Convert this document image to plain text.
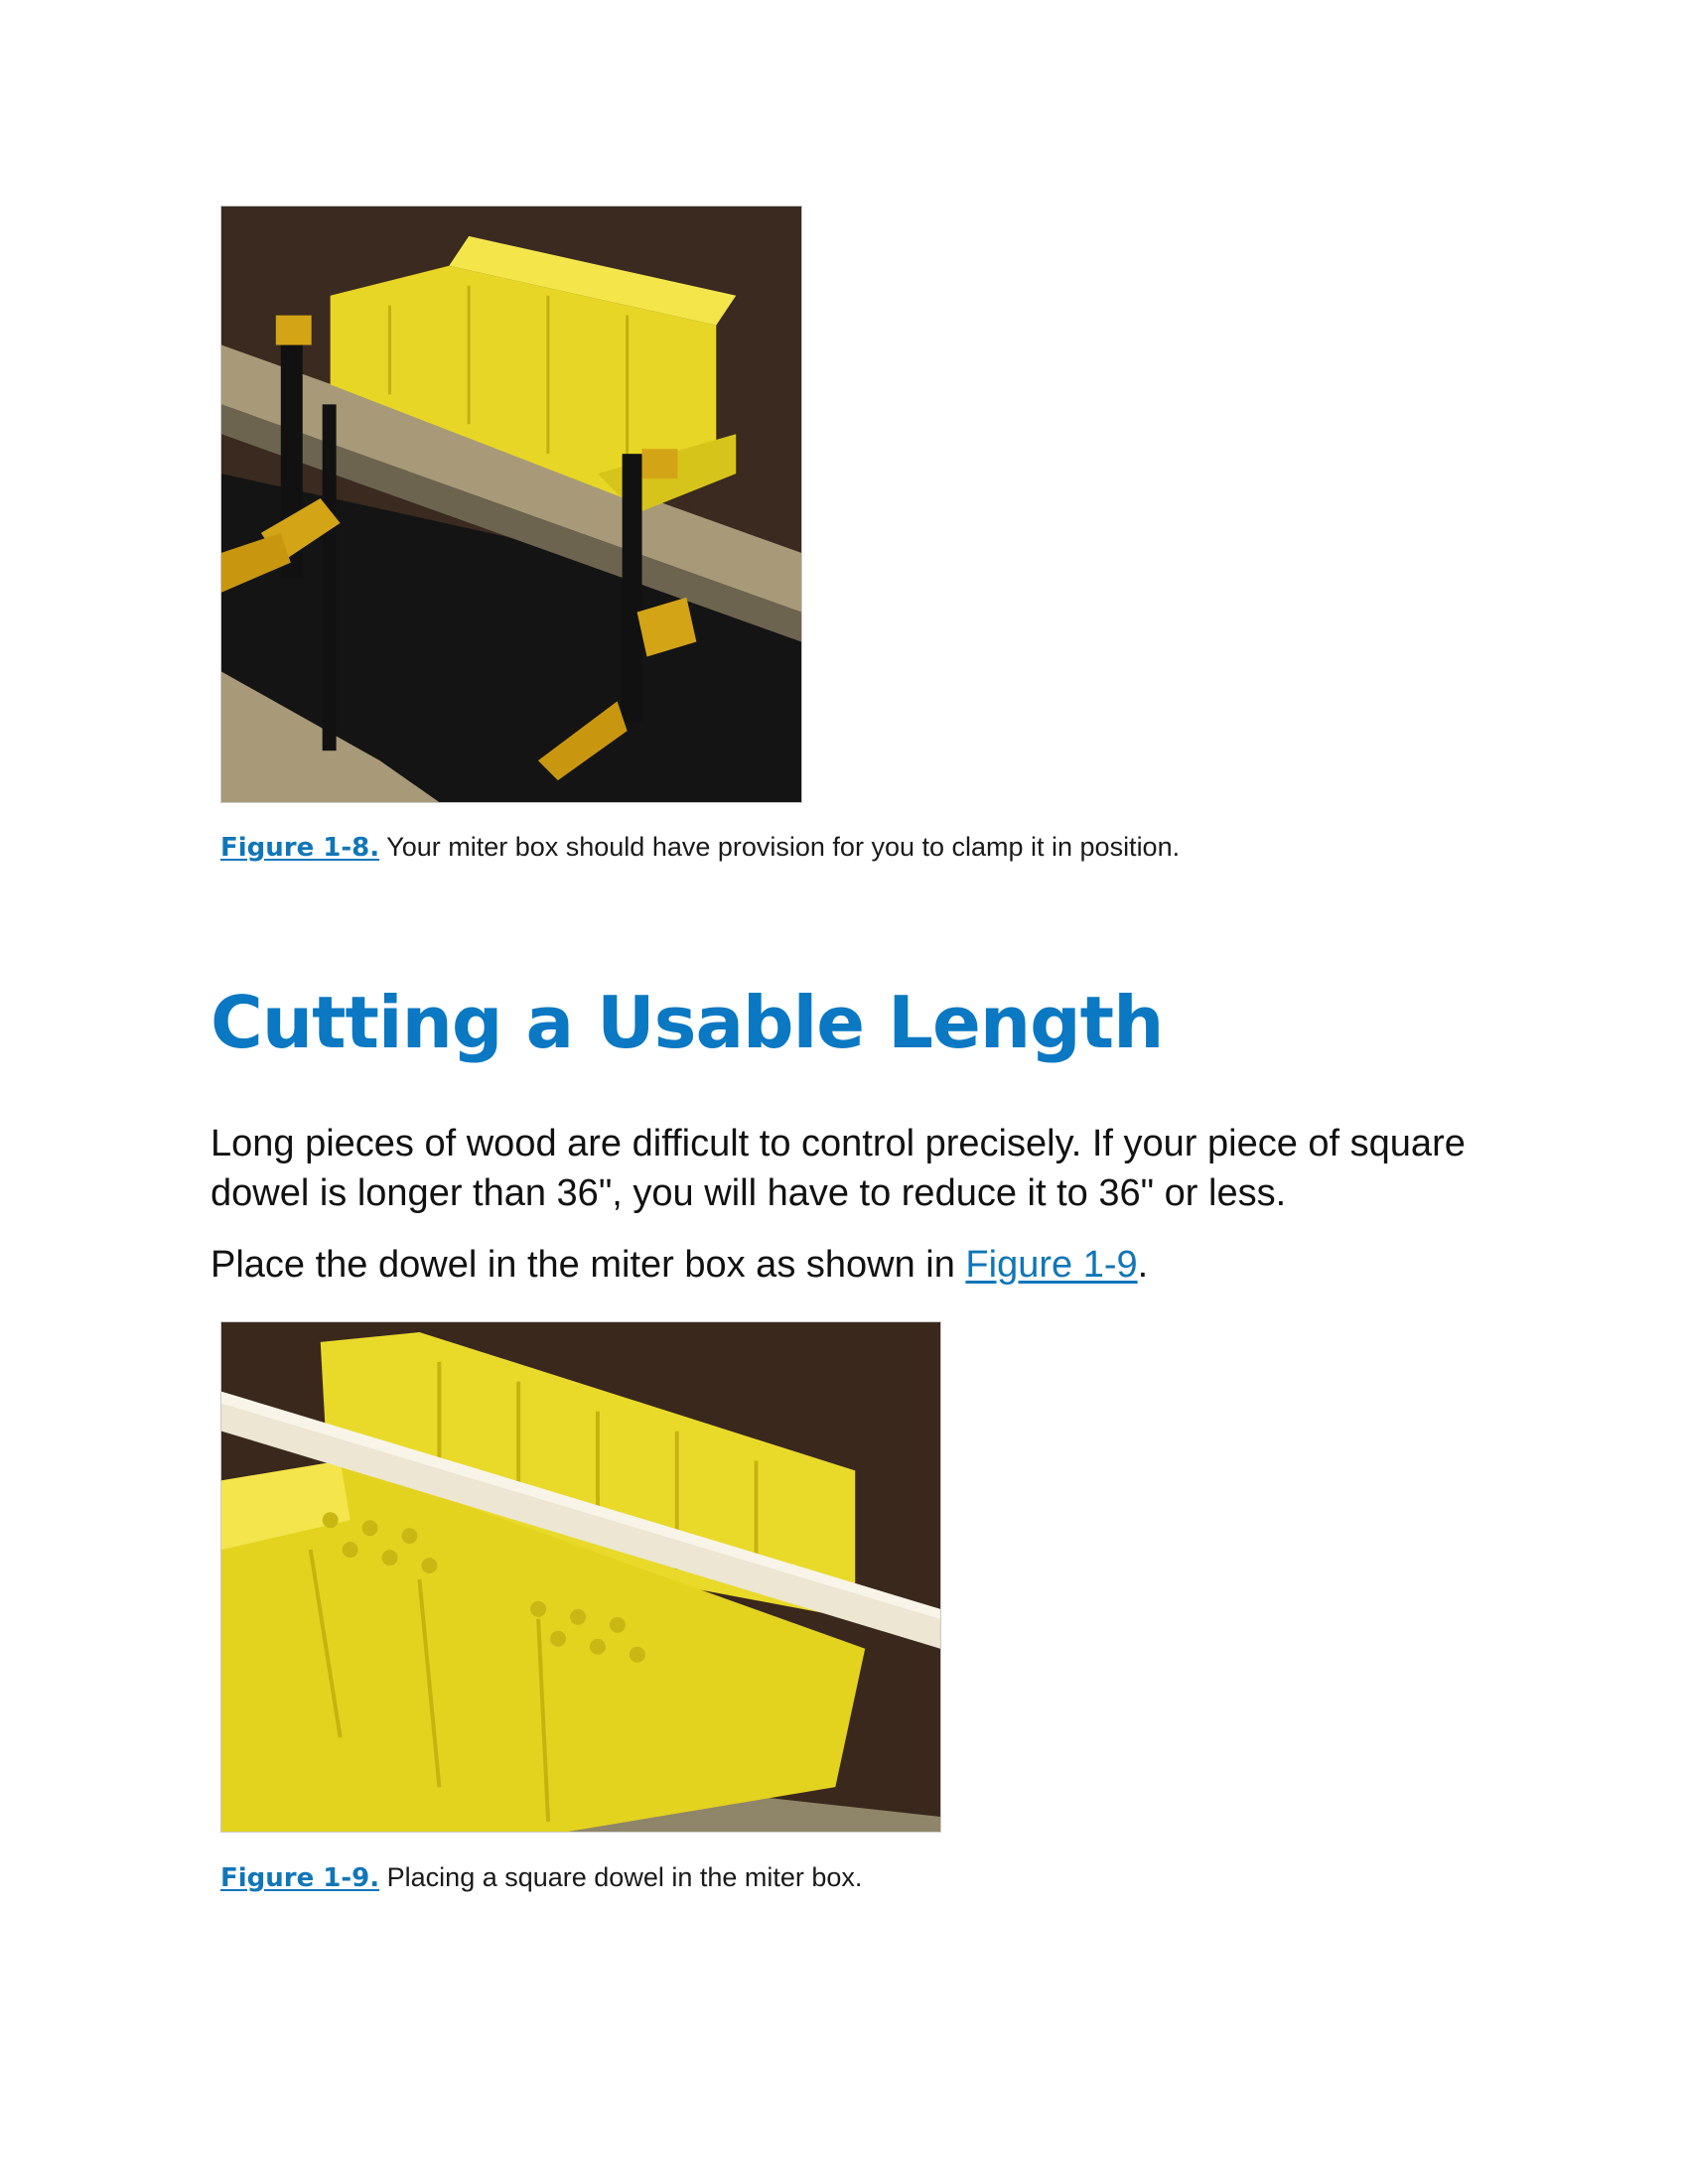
Figure 1-8. Your miter box should have provision for you to clamp it in position.
Cutting a Usable Length

Long pieces of wood are difficult to control precisely. If your piece of square dowel is longer than 36", you will have to reduce it to 36" or less.

Place the dowel in the miter box as shown in Figure 1-9.

Figure 1-9. Placing a square dowel in the miter box.
